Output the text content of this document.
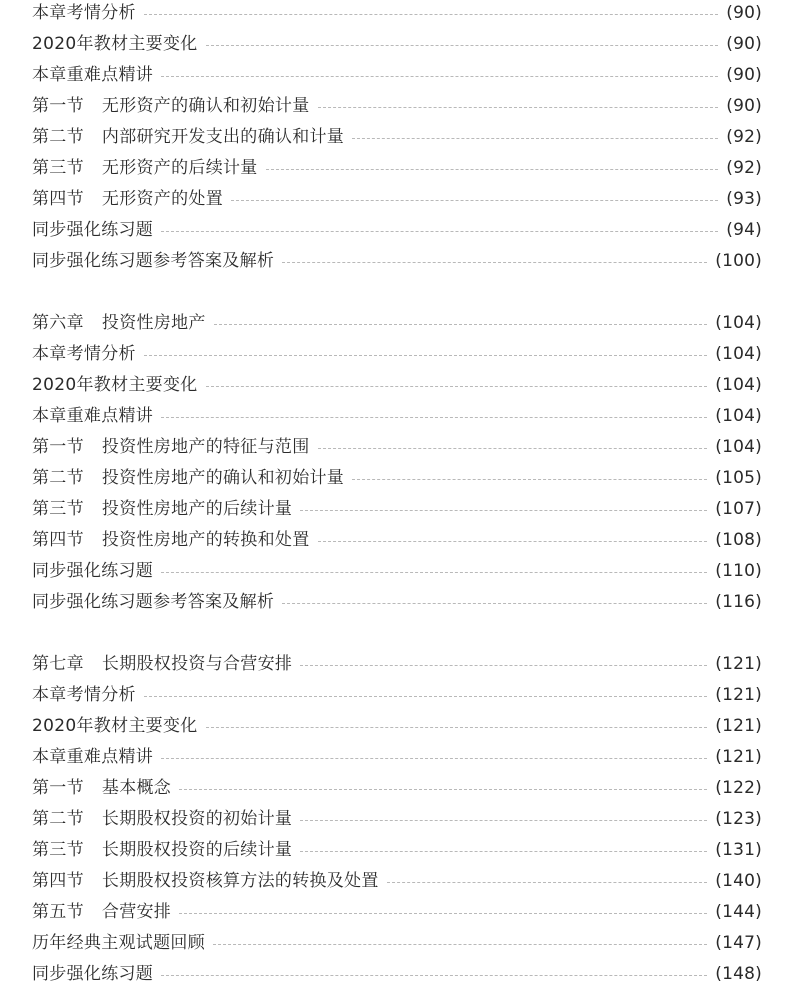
本章考情分析	(90)
2020年教材主要变化	(90)
本章重难点精讲	(90)
第一节 无形资产的确认和初始计量	(90)
第二节 内部研究开发支出的确认和计量	(92)
第三节 无形资产的后续计量	(92)
第四节 无形资产的处置	(93)
同步强化练习题	(94)
同步强化练习题参考答案及解析	(100)
第六章 投资性房地产	(104)
本章考情分析	(104)
2020年教材主要变化	(104)
本章重难点精讲	(104)
第一节 投资性房地产的特征与范围	(104)
第二节 投资性房地产的确认和初始计量	(105)
第三节 投资性房地产的后续计量	(107)
第四节 投资性房地产的转换和处置	(108)
同步强化练习题	(110)
同步强化练习题参考答案及解析	(116)
第七章 长期股权投资与合营安排	(121)
本章考情分析	(121)
2020年教材主要变化	(121)
本章重难点精讲	(121)
第一节 基本概念	(122)
第二节 长期股权投资的初始计量	(123)
第三节 长期股权投资的后续计量	(131)
第四节 长期股权投资核算方法的转换及处置	(140)
第五节 合营安排	(144)
历年经典主观试题回顾	(147)
同步强化练习题	(148)
